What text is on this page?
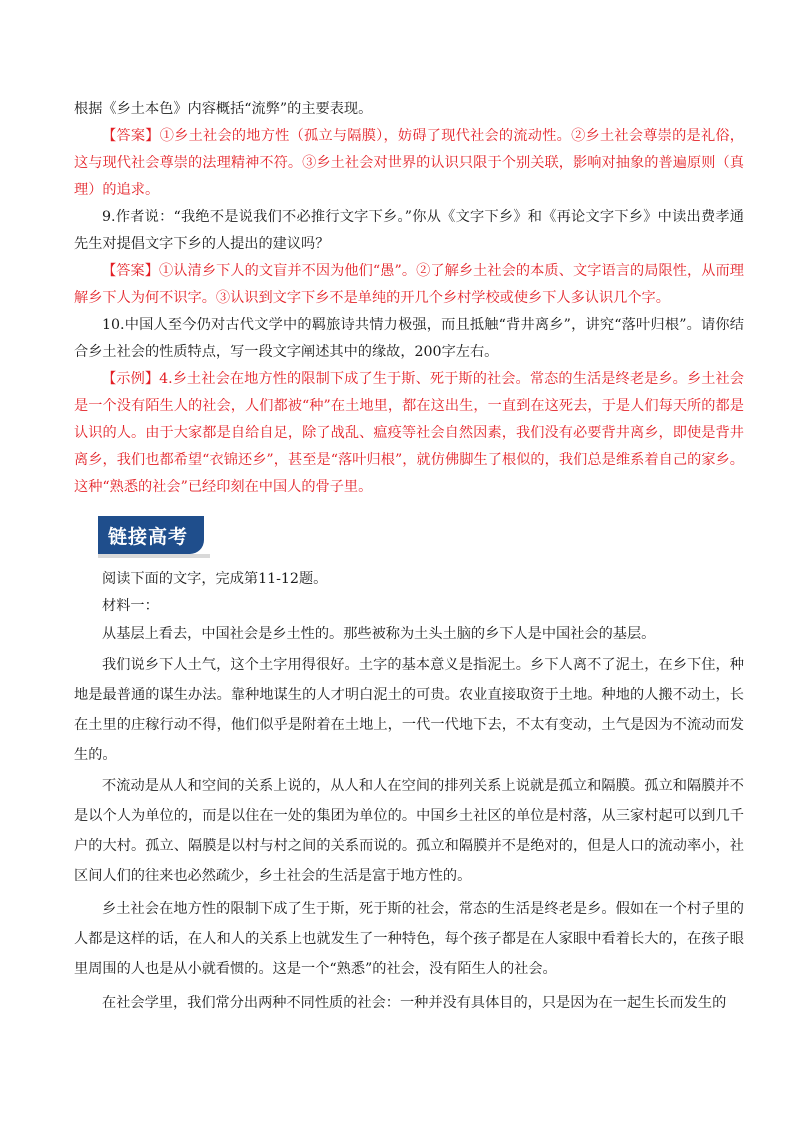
根据《乡土本色》内容概括“流弊”的主要表现。

【答案】①乡土社会的地方性（孤立与隔膜），妨碍了现代社会的流动性。②乡土社会尊崇的是礼俗，这与现代社会尊崇的法理精神不符。③乡土社会对世界的认识只限于个别关联，影响对抽象的普遍原则（真理）的追求。

9.作者说：“我绝不是说我们不必推行文字下乡。”你从《文字下乡》和《再论文字下乡》中读出费孝通先生对提倡文字下乡的人提出的建议吗？

【答案】①认清乡下人的文盲并不因为他们“愚”。②了解乡土社会的本质、文字语言的局限性，从而理解乡下人为何不识字。③认识到文字下乡不是单纯的开几个乡村学校或使乡下人多认识几个字。

10.中国人至今仍对古代文学中的羁旅诗共情力极强，而且抵触“背井离乡”，讲究“落叶归根”。请你结合乡土社会的性质特点，写一段文字阐述其中的缘故，200字左右。

【示例】4.乡土社会在地方性的限制下成了生于斯、死于斯的社会。常态的生活是终老是乡。乡土社会是一个没有陌生人的社会，人们都被“种”在土地里，都在这出生，一直到在这死去，于是人们每天所的都是认识的人。由于大家都是自给自足，除了战乱、瘟疫等社会自然因素，我们没有必要背井离乡，即使是背井离乡，我们也都希望“衣锦还乡”，甚至是“落叶归根”，就仿佛脚生了根似的，我们总是维系着自己的家乡。这种“熟悉的社会”已经印刻在中国人的骨子里。

链接高考

阅读下面的文字，完成第11-12题。

材料一：

从基层上看去，中国社会是乡土性的。那些被称为土头土脑的乡下人是中国社会的基层。

我们说乡下人土气，这个土字用得很好。土字的基本意义是指泥土。乡下人离不了泥土，在乡下住，种地是最普通的谋生办法。靠种地谋生的人才明白泥土的可贵。农业直接取资于土地。种地的人搬不动土，长在土里的庄稼行动不得，他们似乎是附着在土地上，一代一代地下去，不太有变动，土气是因为不流动而发生的。

不流动是从人和空间的关系上说的，从人和人在空间的排列关系上说就是孤立和隔膜。孤立和隔膜并不是以个人为单位的，而是以住在一处的集团为单位的。中国乡土社区的单位是村落，从三家村起可以到几千户的大村。孤立、隔膜是以村与村之间的关系而说的。孤立和隔膜并不是绝对的，但是人口的流动率小，社区间人们的往来也必然疏少，乡土社会的生活是富于地方性的。

乡土社会在地方性的限制下成了生于斯，死于斯的社会，常态的生活是终老是乡。假如在一个村子里的人都是这样的话，在人和人的关系上也就发生了一种特色，每个孩子都是在人家眼中看着长大的，在孩子眼里周围的人也是从小就看惯的。这是一个“熟悉”的社会，没有陌生人的社会。

在社会学里，我们常分出两种不同性质的社会：一种并没有具体目的，只是因为在一起生长而发生的
